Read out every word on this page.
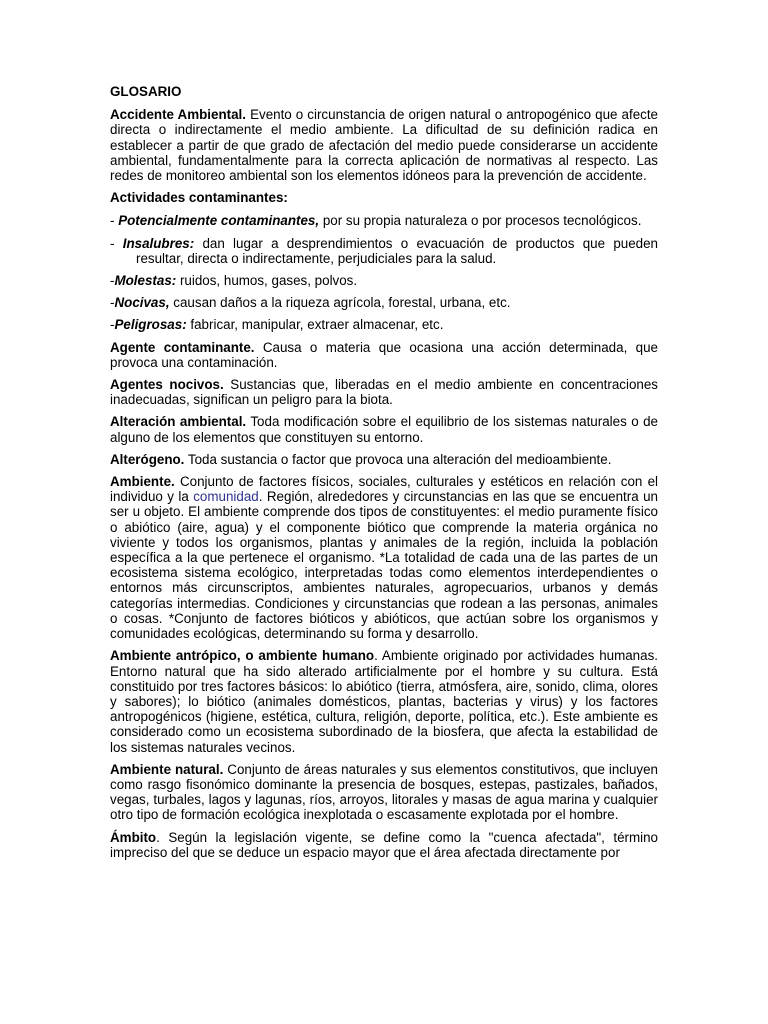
GLOSARIO

Accidente Ambiental. Evento o circunstancia de origen natural o antropogénico que afecte directa o indirectamente el medio ambiente. La dificultad de su definición radica en establecer a partir de que grado de afectación del medio puede considerarse un accidente ambiental, fundamentalmente para la correcta aplicación de normativas al respecto. Las redes de monitoreo ambiental son los elementos idóneos para la prevención de accidente.

Actividades contaminantes:
- Potencialmente contaminantes, por su propia naturaleza o por procesos tecnológicos.
- Insalubres: dan lugar a desprendimientos o evacuación de productos que pueden resultar, directa o indirectamente, perjudiciales para la salud.
-Molestas: ruidos, humos, gases, polvos.
-Nocivas, causan daños a la riqueza agrícola, forestal, urbana, etc.
-Peligrosas: fabricar, manipular, extraer almacenar, etc.

Agente contaminante. Causa o materia que ocasiona una acción determinada, que provoca una contaminación.

Agentes nocivos. Sustancias que, liberadas en el medio ambiente en concentraciones inadecuadas, significan un peligro para la biota.

Alteración ambiental. Toda modificación sobre el equilibrio de los sistemas naturales o de alguno de los elementos que constituyen su entorno.

Alterógeno. Toda sustancia o factor que provoca una alteración del medioambiente.

Ambiente. Conjunto de factores físicos, sociales, culturales y estéticos en relación con el individuo y la comunidad. Región, alrededores y circunstancias en las que se encuentra un ser u objeto. El ambiente comprende dos tipos de constituyentes: el medio puramente físico o abiótico (aire, agua) y el componente biótico que comprende la materia orgánica no viviente y todos los organismos, plantas y animales de la región, incluida la población específica a la que pertenece el organismo. *La totalidad de cada una de las partes de un ecosistema sistema ecológico, interpretadas todas como elementos interdependientes o entornos más circunscriptos, ambientes naturales, agropecuarios, urbanos y demás categorías intermedias. Condiciones y circunstancias que rodean a las personas, animales o cosas. *Conjunto de factores bióticos y abióticos, que actúan sobre los organismos y comunidades ecológicas, determinando su forma y desarrollo.

Ambiente antrópico, o ambiente humano. Ambiente originado por actividades humanas. Entorno natural que ha sido alterado artificialmente por el hombre y su cultura. Está constituido por tres factores básicos: lo abiótico (tierra, atmósfera, aire, sonido, clima, olores y sabores); lo biótico (animales domésticos, plantas, bacterias y virus) y los factores antropogénicos (higiene, estética, cultura, religión, deporte, política, etc.). Este ambiente es considerado como un ecosistema subordinado de la biosfera, que afecta la estabilidad de los sistemas naturales vecinos.

Ambiente natural. Conjunto de áreas naturales y sus elementos constitutivos, que incluyen como rasgo fisonómico dominante la presencia de bosques, estepas, pastizales, bañados, vegas, turbales, lagos y lagunas, ríos, arroyos, litorales y masas de agua marina y cualquier otro tipo de formación ecológica inexplotada o escasamente explotada por el hombre.

Ámbito. Según la legislación vigente, se define como la "cuenca afectada", término impreciso del que se deduce un espacio mayor que el área afectada directamente por
